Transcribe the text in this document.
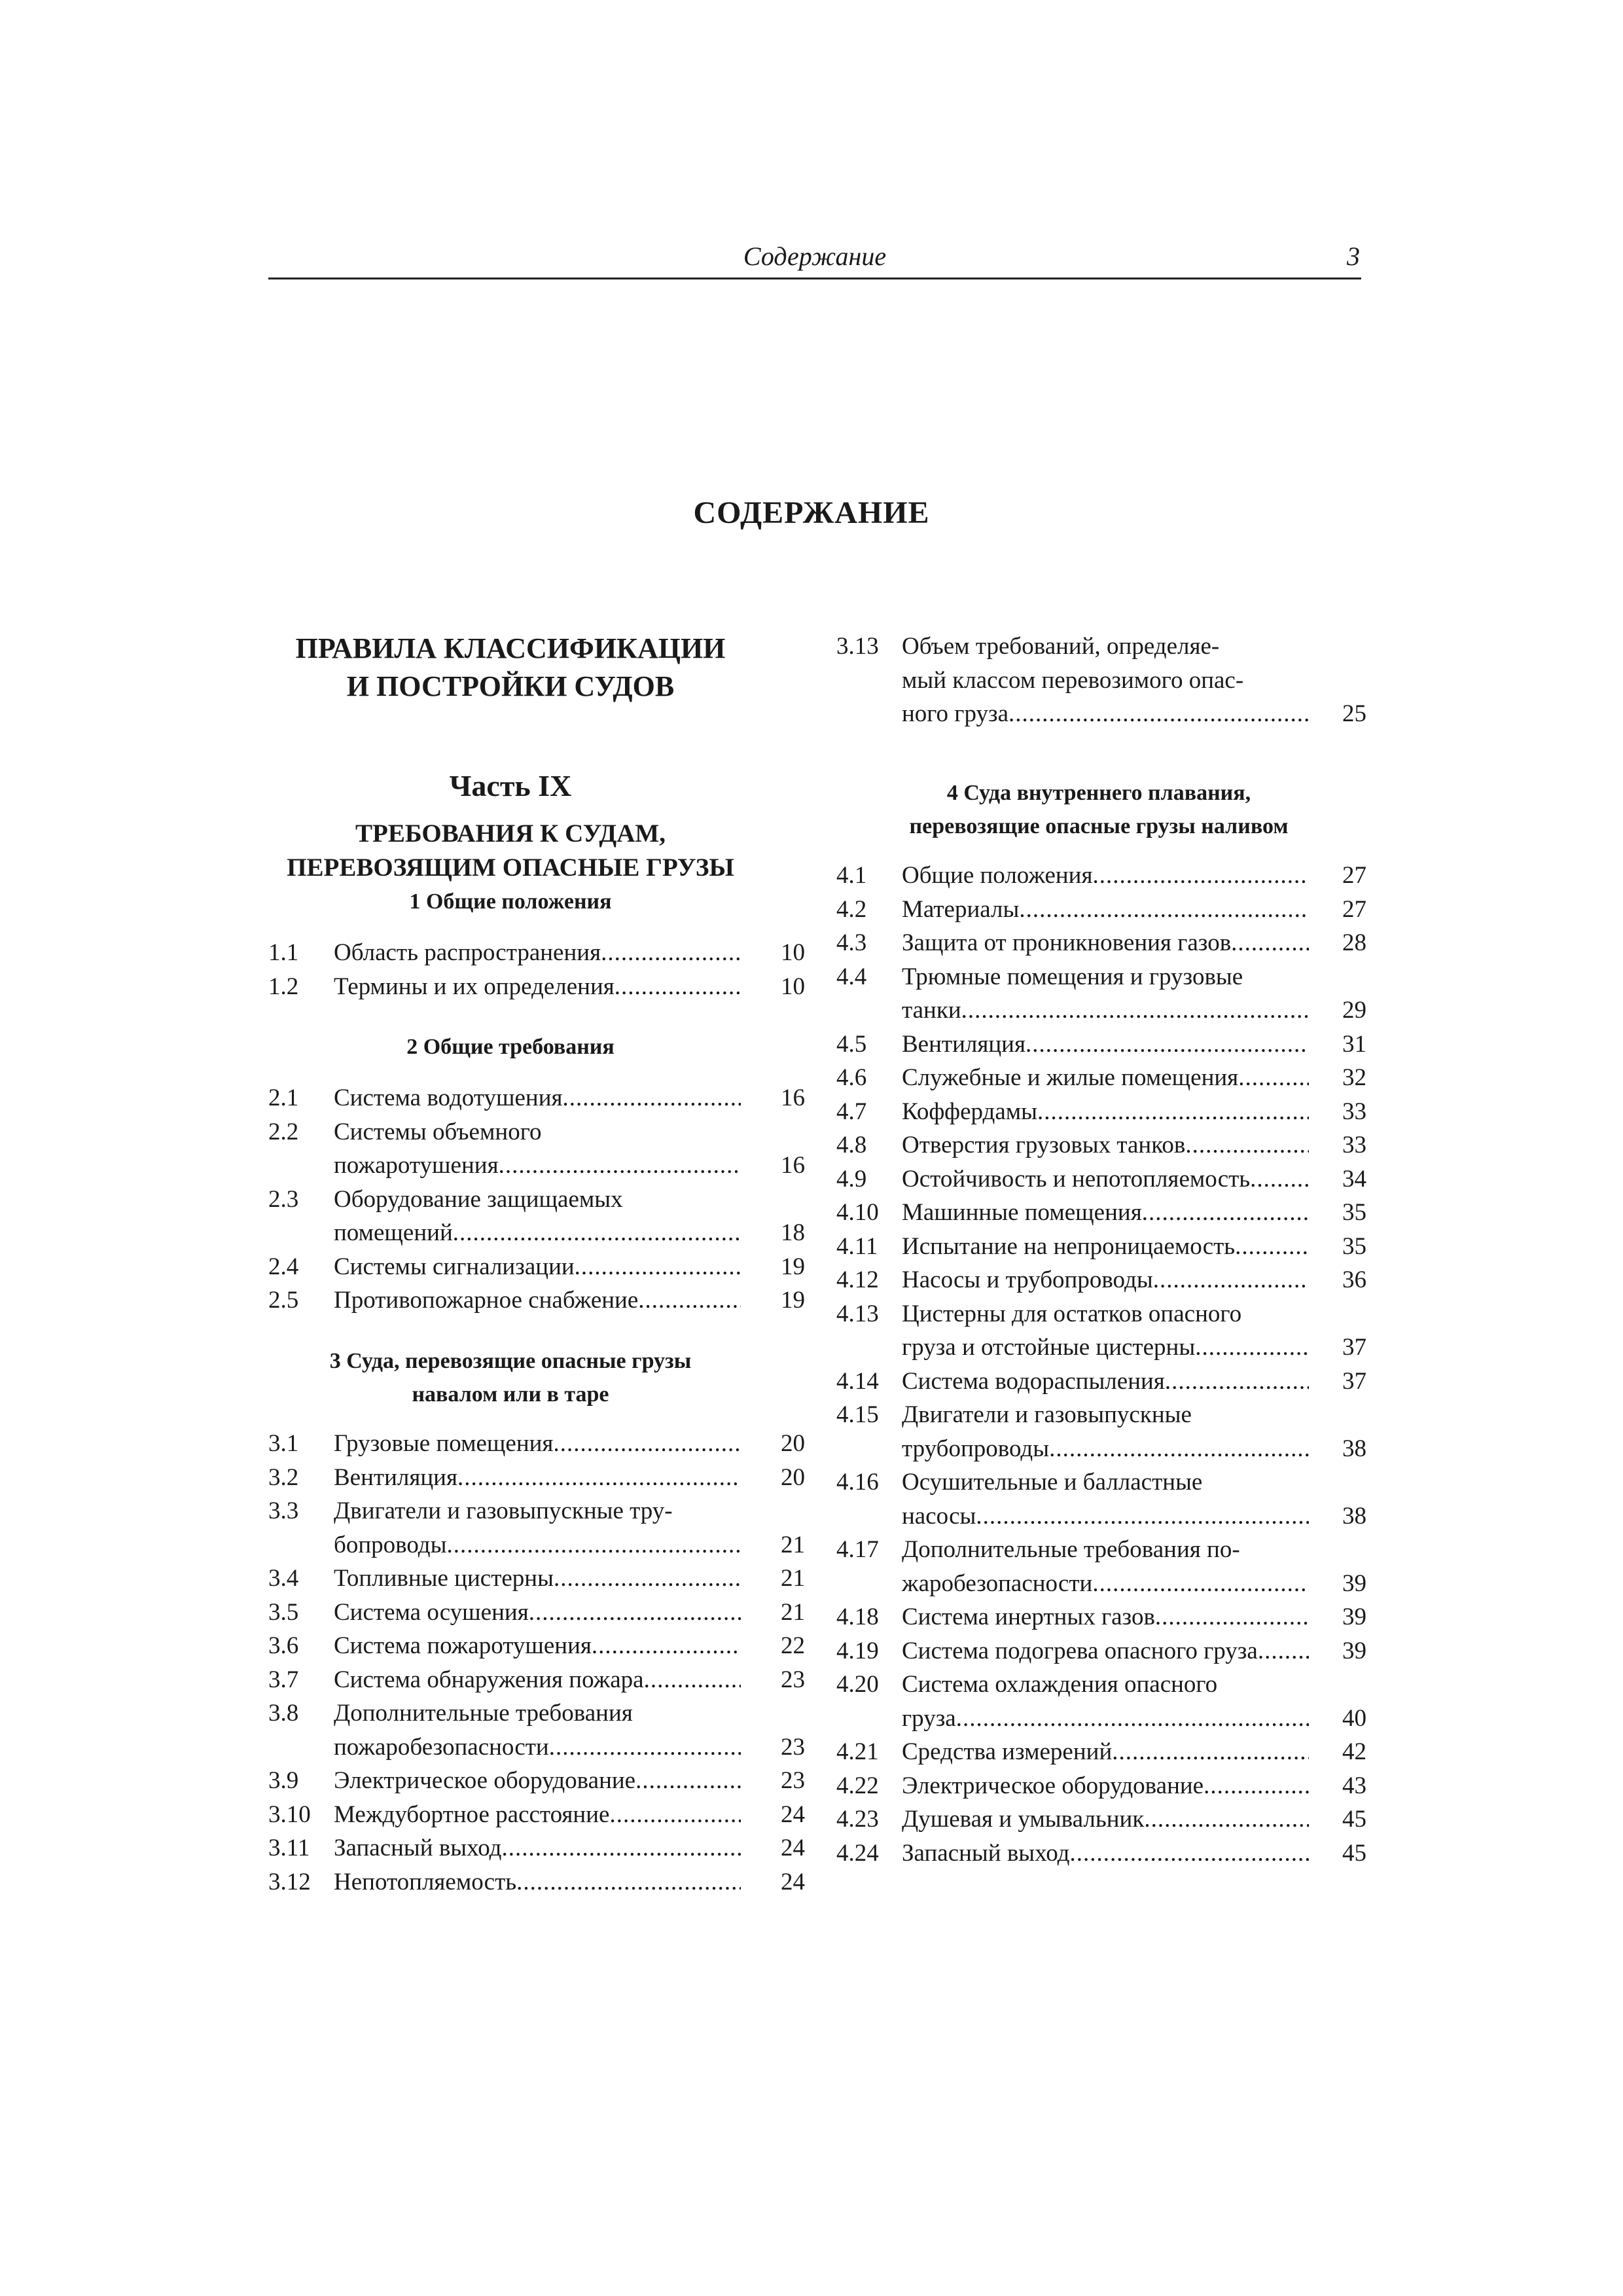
Содержание	3
СОДЕРЖАНИЕ
ПРАВИЛА КЛАССИФИКАЦИИ
И ПОСТРОЙКИ СУДОВ
Часть IX
ТРЕБОВАНИЯ К СУДАМ,
ПЕРЕВОЗЯЩИМ ОПАСНЫЕ ГРУЗЫ
1 Общие положения
1.1 Область распространения .....	10
1.2 Термины и их определения .....	10
2 Общие требования
2.1 Система водотушения .....	16
2.2 Системы объемного
пожаротушения .....	16
2.3 Оборудование защищаемых
помещений .....	18
2.4 Системы сигнализации .....	19
2.5 Противопожарное снабжение .....	19
3 Суда, перевозящие опасные грузы
навалом или в таре
3.1 Грузовые помещения .....	20
3.2 Вентиляция .....	20
3.3 Двигатели и газовыпускные тру-
бопроводы .....	21
3.4 Топливные цистерны .....	21
3.5 Система осушения .....	21
3.6 Система пожаротушения .....	22
3.7 Система обнаружения пожара .....	23
3.8 Дополнительные требования
пожаробезопасности .....	23
3.9 Электрическое оборудование .....	23
3.10 Междубортное расстояние .....	24
3.11 Запасный выход .....	24
3.12 Непотопляемость .....	24
3.13 Объем требований, определяе-
мый классом перевозимого опас-
ного груза .....	25
4 Суда внутреннего плавания,
перевозящие опасные грузы наливом
4.1 Общие положения .....	27
4.2 Материалы .....	27
4.3 Защита от проникновения газов .....	28
4.4 Трюмные помещения и грузовые
танки .....	29
4.5 Вентиляция .....	31
4.6 Служебные и жилые помещения .....	32
4.7 Коффердамы .....	33
4.8 Отверстия грузовых танков .....	33
4.9 Остойчивость и непотопляемость .....	34
4.10 Машинные помещения .....	35
4.11 Испытание на непроницаемость .....	35
4.12 Насосы и трубопроводы .....	36
4.13 Цистерны для остатков опасного
груза и отстойные цистерны .....	37
4.14 Система водораспыления .....	37
4.15 Двигатели и газовыпускные
трубопроводы .....	38
4.16 Осушительные и балластные
насосы .....	38
4.17 Дополнительные требования по-
жаробезопасности .....	39
4.18 Система инертных газов .....	39
4.19 Система подогрева опасного груза .....	39
4.20 Система охлаждения опасного
груза .....	40
4.21 Средства измерений .....	42
4.22 Электрическое оборудование .....	43
4.23 Душевая и умывальник .....	45
4.24 Запасный выход .....	45
